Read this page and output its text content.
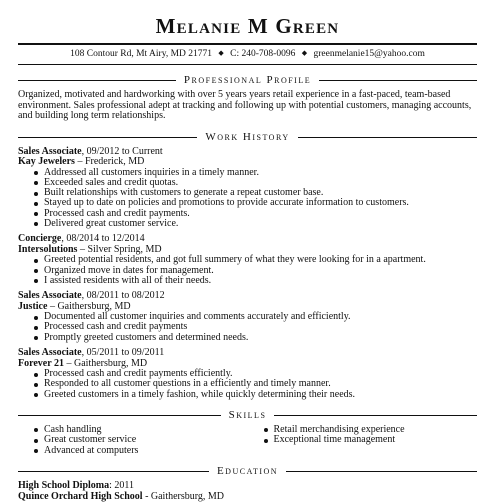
Melanie M Green
108 Contour Rd, Mt Airy, MD 21771 ◆ C: 240-708-0096 ◆ greenmelanie15@yahoo.com
Professional Profile
Organized, motivated and hardworking with over 5 years years retail experience in a fast-paced, team-based environment. Sales professional adept at tracking and following up with potential customers, managing accounts, and building long term relationships.
Work History
Sales Associate, 09/2012 to Current
Kay Jewelers – Frederick, MD
Addressed all customers inquiries in a timely manner.
Exceeded sales and credit quotas.
Built relationships with customers to generate a repeat customer base.
Stayed up to date on policies and promotions to provide accurate information to customers.
Processed cash and credit payments.
Delivered great customer service.
Concierge, 08/2014 to 12/2014
Intersolutions – Silver Spring, MD
Greeted potential residents, and got full summery of what they were looking for in a apartment.
Organized move in dates for management.
I assisted residents with all of their needs.
Sales Associate, 08/2011 to 08/2012
Justice – Gaithersburg, MD
Documented all customer inquiries and comments accurately and efficiently.
Processed cash and credit payments
Promptly greeted customers and determined needs.
Sales Associate, 05/2011 to 09/2011
Forever 21 – Gaithersburg, MD
Processed cash and credit payments efficiently.
Responded to all customer questions in a efficiently and timely manner.
Greeted customers in a timely fashion, while quickly determining their needs.
Skills
Cash handling
Great customer service
Advanced at computers
Retail merchandising experience
Exceptional time management
Education
High School Diploma: 2011
Quince Orchard High School - Gaithersburg, MD
